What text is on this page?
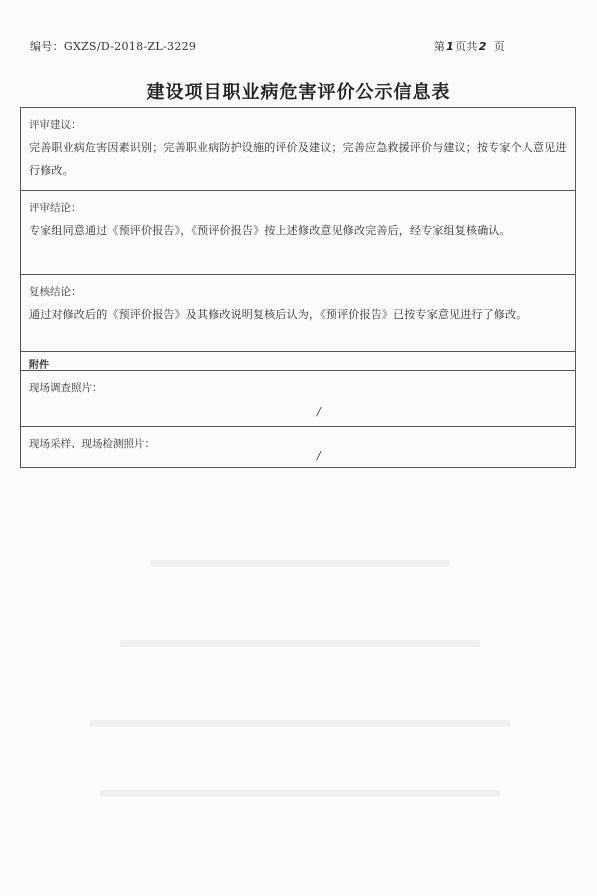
编号：GXZS/D-2018-ZL-3229	第1页共2 页
建设项目职业病危害评价公示信息表
评审建议：
完善职业病危害因素识别；完善职业病防护设施的评价及建议；完善应急救援评价与建议；按专家个人意见进行修改。
评审结论：
专家组同意通过《预评价报告》，《预评价报告》按上述修改意见修改完善后，经专家组复核确认。
复核结论：
通过对修改后的《预评价报告》及其修改说明复核后认为，《预评价报告》已按专家意见进行了修改。
附件
现场调查照片：
/
现场采样、现场检测照片：
/
